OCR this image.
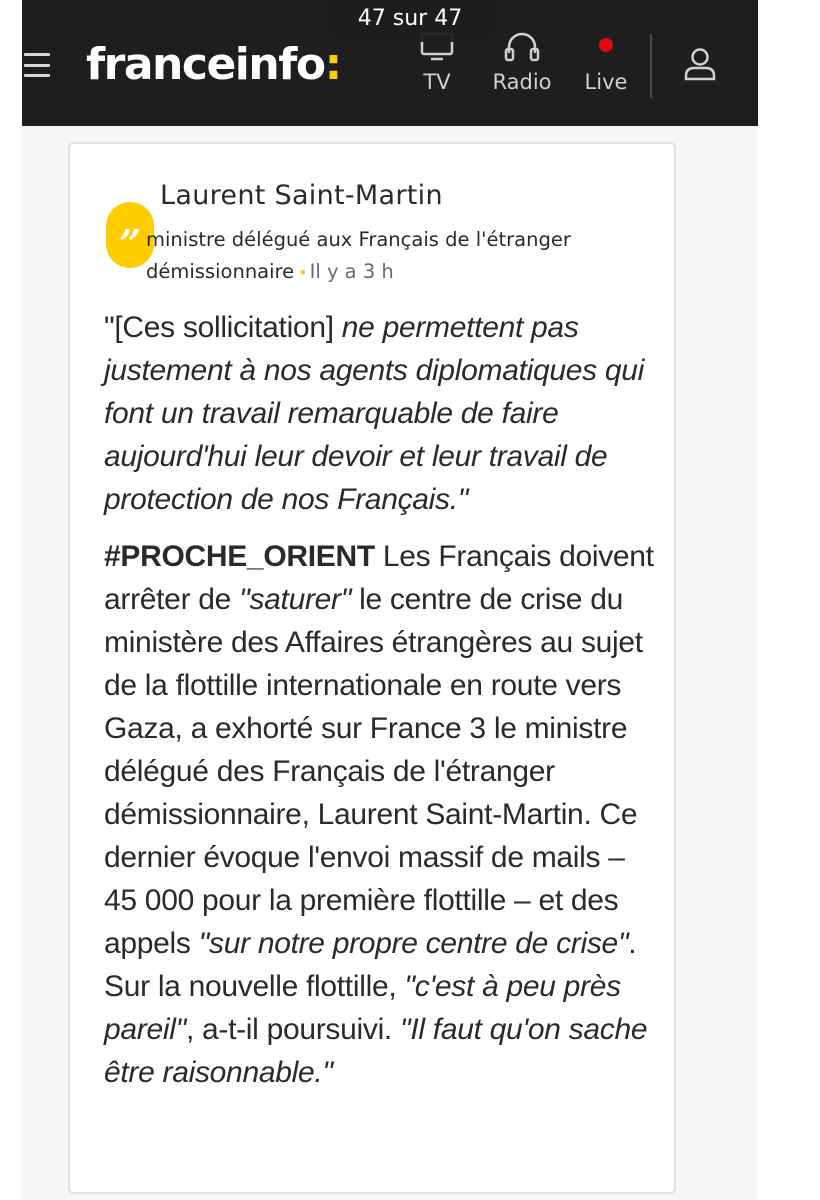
franceinfo:	TV	Radio	Live
47 sur 47
”
Laurent Saint-Martin
ministre délégué aux Français de l'étranger démissionnaire • Il y a 3 h

"[Ces sollicitation] ne permettent pas justement à nos agents diplomatiques qui font un travail remarquable de faire aujourd'hui leur devoir et leur travail de protection de nos Français."

#PROCHE_ORIENT Les Français doivent arrêter de "saturer" le centre de crise du ministère des Affaires étrangères au sujet de la flottille internationale en route vers Gaza, a exhorté sur France 3 le ministre délégué des Français de l'étranger démissionnaire, Laurent Saint-Martin. Ce dernier évoque l'envoi massif de mails – 45 000 pour la première flottille – et des appels "sur notre propre centre de crise". Sur la nouvelle flottille, "c'est à peu près pareil", a-t-il poursuivi. "Il faut qu'on sache être raisonnable."
